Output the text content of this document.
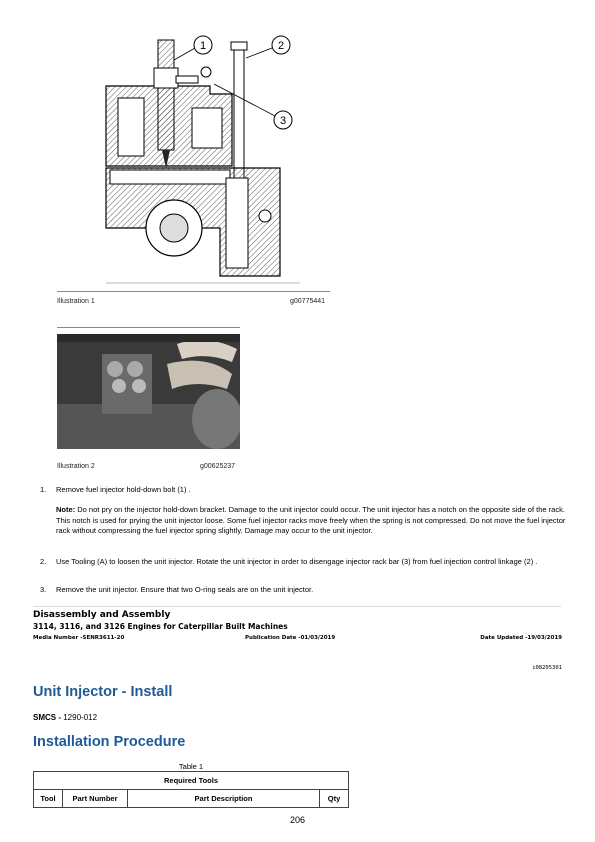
1	2
3
Illustration 1	g00775441
Illustration 2	g00625237
1. Remove fuel injector hold-down bolt (1) .
Note: Do not pry on the injector hold-down bracket. Damage to the unit injector could occur. The unit injector has a notch on the opposite side of the rack. This notch is used for prying the unit injector loose. Some fuel injector racks move freely when the spring is not compressed. Do not move the fuel injector rack without compressing the fuel injector spring slightly. Damage may occur to the unit injector.
2. Use Tooling (A) to loosen the unit injector. Rotate the unit injector in order to disengage injector rack bar (3) from fuel injection control linkage (2) .
3. Remove the unit injector. Ensure that two O-ring seals are on the unit injector.
Disassembly and Assembly
3114, 3116, and 3126 Engines for Caterpillar Built Machines
Media Number -SENR3611-20	Publication Date -01/03/2019	Date Updated -19/03/2019
i08205301
Unit Injector - Install
SMCS - 1290-012
Installation Procedure
Table 1
Required Tools
Tool	Part Number	Part Description	Qty
206
